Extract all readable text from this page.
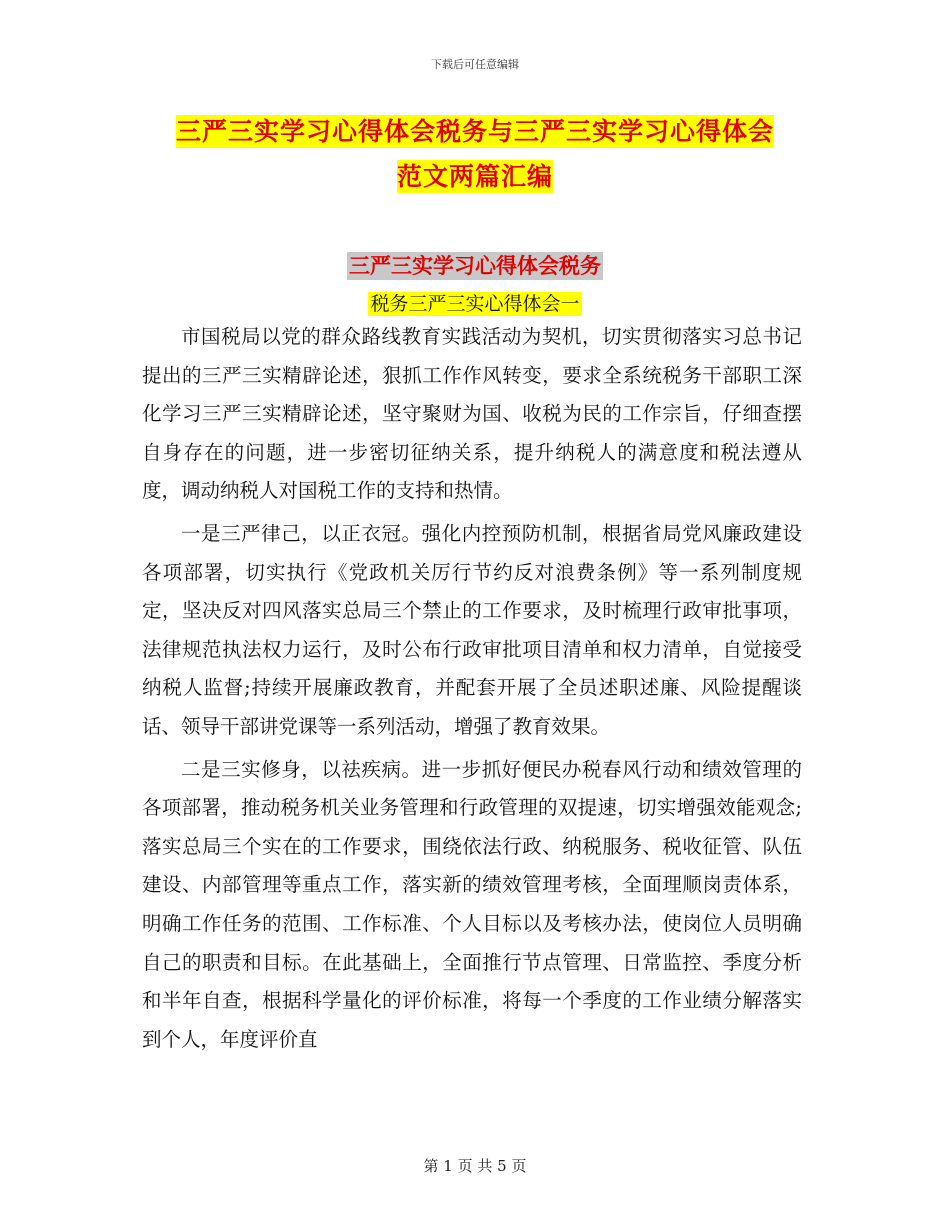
下载后可任意编辑
三严三实学习心得体会税务与三严三实学习心得体会
范文两篇汇编
三严三实学习心得体会税务
税务三严三实心得体会一

市国税局以党的群众路线教育实践活动为契机，切实贯彻落实习总书记提出的三严三实精辟论述，狠抓工作作风转变，要求全系统税务干部职工深化学习三严三实精辟论述，坚守聚财为国、收税为民的工作宗旨，仔细查摆自身存在的问题，进一步密切征纳关系，提升纳税人的满意度和税法遵从度，调动纳税人对国税工作的支持和热情。

一是三严律己，以正衣冠。强化内控预防机制，根据省局党风廉政建设各项部署，切实执行《党政机关厉行节约反对浪费条例》等一系列制度规定，坚决反对四风落实总局三个禁止的工作要求，及时梳理行政审批事项，法律规范执法权力运行，及时公布行政审批项目清单和权力清单，自觉接受纳税人监督;持续开展廉政教育，并配套开展了全员述职述廉、风险提醒谈话、领导干部讲党课等一系列活动，增强了教育效果。

二是三实修身，以祛疾病。进一步抓好便民办税春风行动和绩效管理的各项部署，推动税务机关业务管理和行政管理的双提速，切实增强效能观念;落实总局三个实在的工作要求，围绕依法行政、纳税服务、税收征管、队伍建设、内部管理等重点工作，落实新的绩效管理考核，全面理顺岗责体系，明确工作任务的范围、工作标准、个人目标以及考核办法，使岗位人员明确自己的职责和目标。在此基础上，全面推行节点管理、日常监控、季度分析和半年自查，根据科学量化的评价标准，将每一个季度的工作业绩分解落实到个人，年度评价直

第 1 页 共 5 页
